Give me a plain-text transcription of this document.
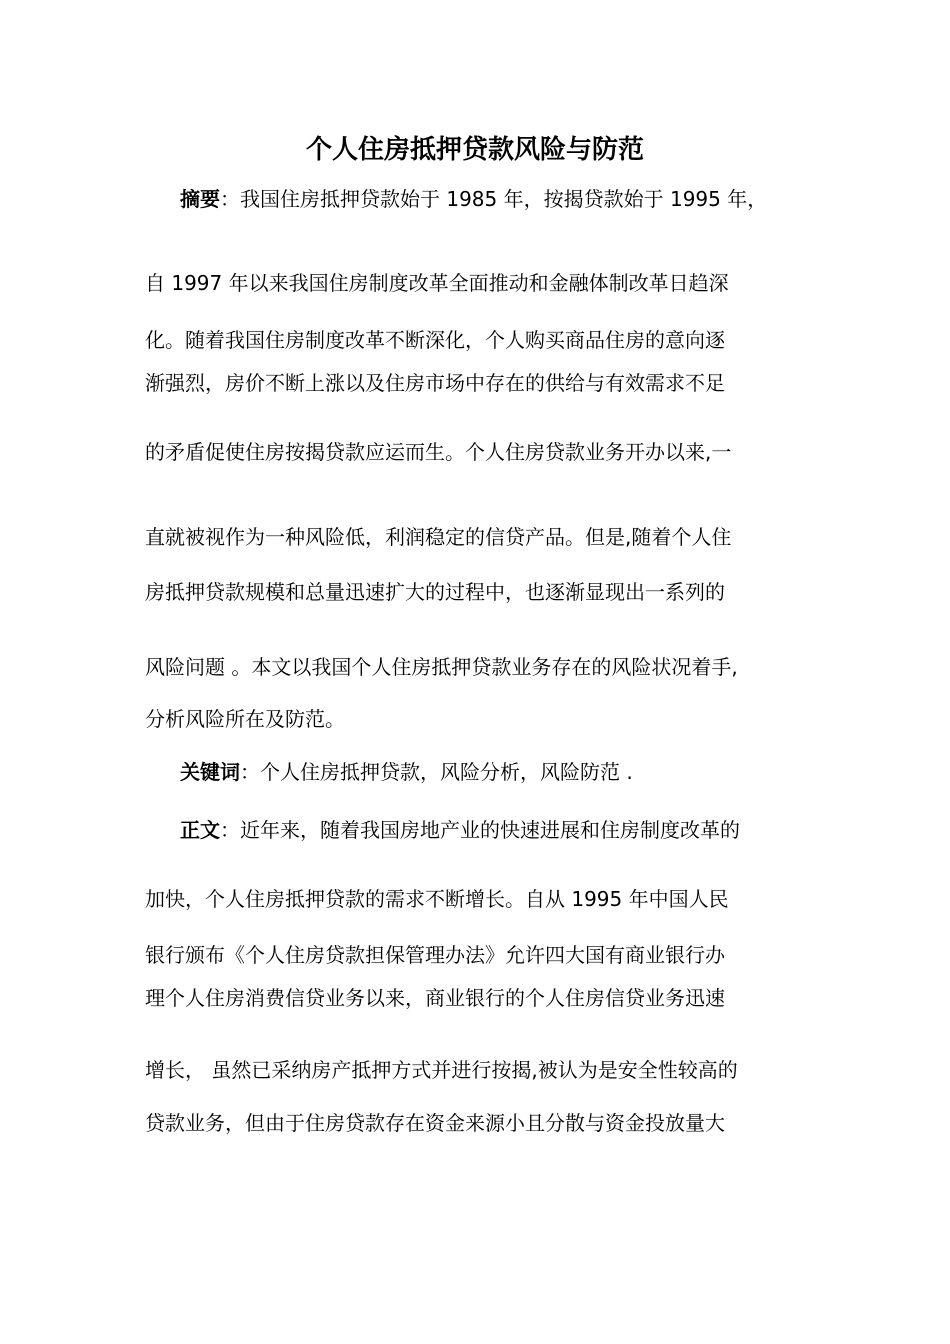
个人住房抵押贷款风险与防范
摘要：我国住房抵押贷款始于 1985 年，按揭贷款始于 1995 年，
自 1997 年以来我国住房制度改革全面推动和金融体制改革日趋深
化。随着我国住房制度改革不断深化，个人购买商品住房的意向逐
渐强烈，房价不断上涨以及住房市场中存在的供给与有效需求不足
的矛盾促使住房按揭贷款应运而生。个人住房贷款业务开办以来,一
直就被视作为一种风险低，利润稳定的信贷产品。但是,随着个人住
房抵押贷款规模和总量迅速扩大的过程中，也逐渐显现出一系列的
风险问题 。本文以我国个人住房抵押贷款业务存在的风险状况着手,
分析风险所在及防范。
关键词：个人住房抵押贷款，风险分析，风险防范 .
正文：近年来，随着我国房地产业的快速进展和住房制度改革的
加快，个人住房抵押贷款的需求不断增长。自从 1995 年中国人民
银行颁布《个人住房贷款担保管理办法》允许四大国有商业银行办
理个人住房消费信贷业务以来，商业银行的个人住房信贷业务迅速
增长， 虽然已采纳房产抵押方式并进行按揭,被认为是安全性较高的
贷款业务，但由于住房贷款存在资金来源小且分散与资金投放量大
